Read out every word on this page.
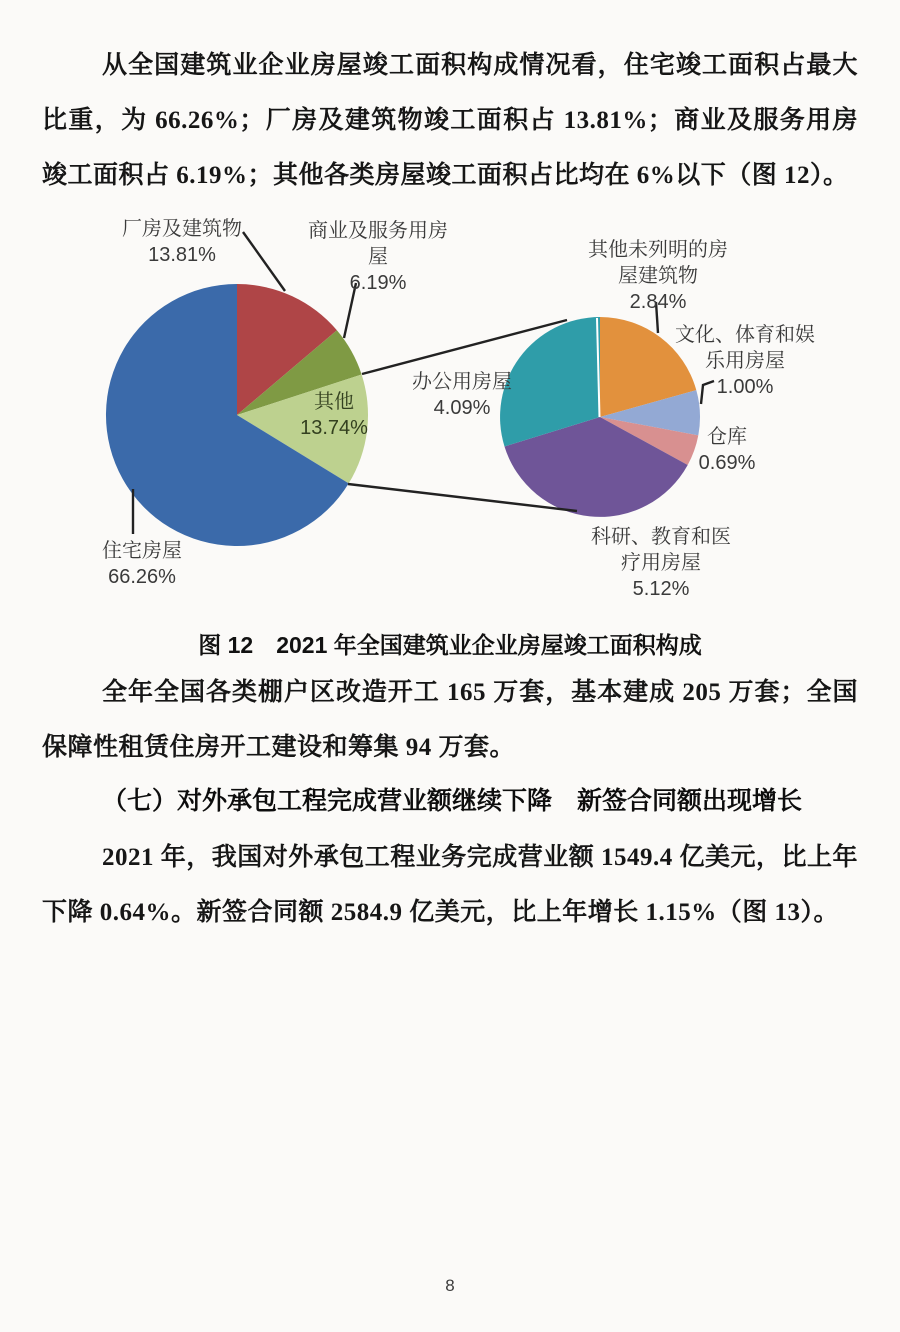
从全国建筑业企业房屋竣工面积构成情况看，住宅竣工面积占最大比重，为 66.26%；厂房及建筑物竣工面积占 13.81%；商业及服务用房竣工面积占 6.19%；其他各类房屋竣工面积占比均在 6%以下（图 12）。

厂房及建筑物
13.81%
商业及服务用房
屋
6.19%
其他未列明的房
屋建筑物
2.84%
文化、体育和娱
乐用房屋
1.00%
仓库
0.69%
办公用房屋
4.09%
其他
13.74%
住宅房屋
66.26%
科研、教育和医
疗用房屋
5.12%

图 12　2021 年全国建筑业企业房屋竣工面积构成

全年全国各类棚户区改造开工 165 万套，基本建成 205 万套；全国保障性租赁住房开工建设和筹集 94 万套。

（七）对外承包工程完成营业额继续下降　新签合同额出现增长

2021 年，我国对外承包工程业务完成营业额 1549.4 亿美元，比上年下降 0.64%。新签合同额 2584.9 亿美元，比上年增长 1.15%（图 13）。

8
